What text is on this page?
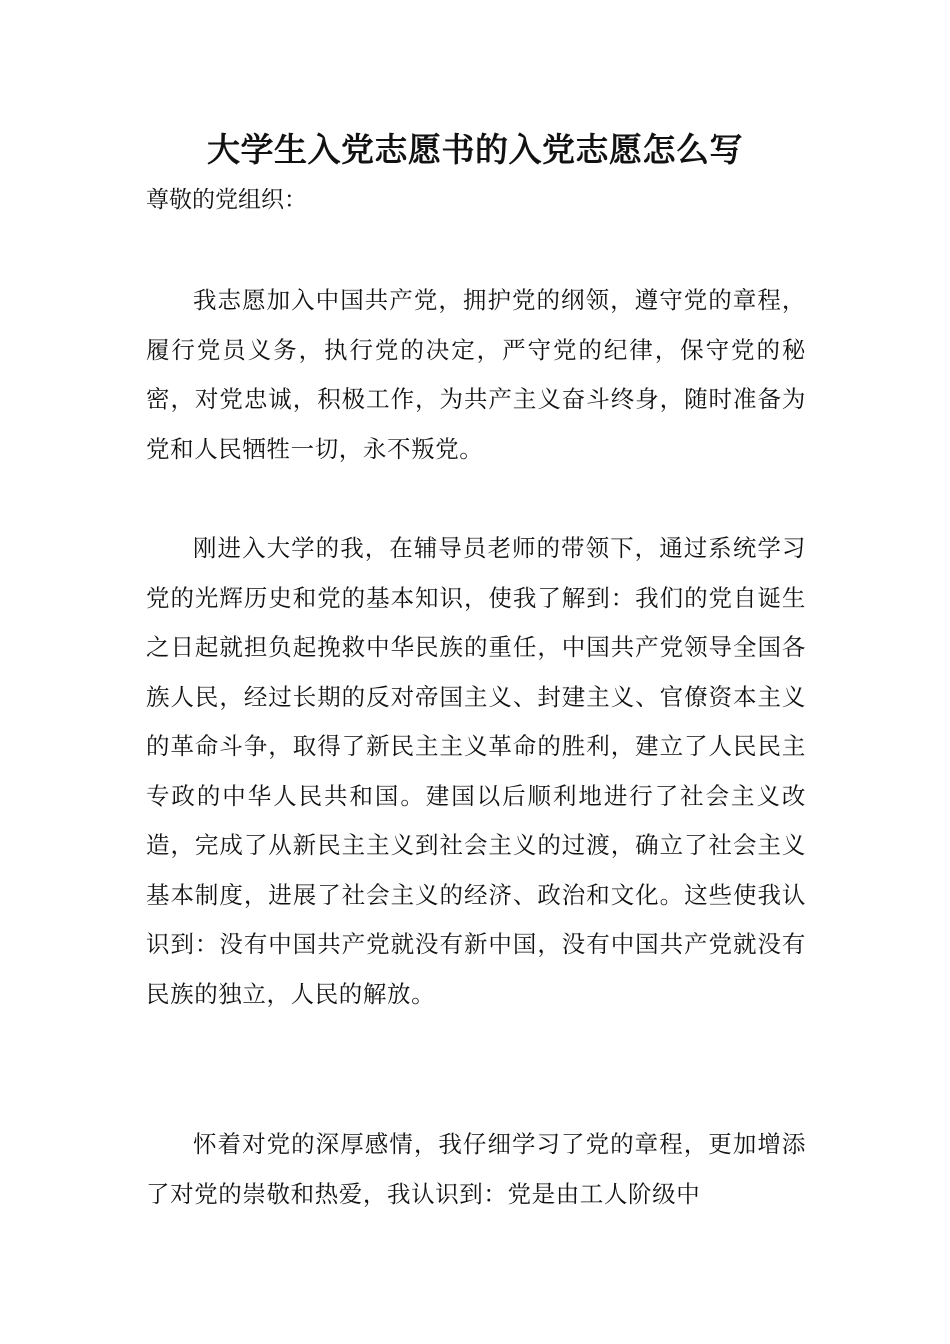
大学生入党志愿书的入党志愿怎么写

尊敬的党组织：

我志愿加入中国共产党，拥护党的纲领，遵守党的章程，履行党员义务，执行党的决定，严守党的纪律，保守党的秘密，对党忠诚，积极工作，为共产主义奋斗终身，随时准备为党和人民牺牲一切，永不叛党。

刚进入大学的我，在辅导员老师的带领下，通过系统学习党的光辉历史和党的基本知识，使我了解到：我们的党自诞生之日起就担负起挽救中华民族的重任，中国共产党领导全国各族人民，经过长期的反对帝国主义、封建主义、官僚资本主义的革命斗争，取得了新民主主义革命的胜利，建立了人民民主专政的中华人民共和国。建国以后顺利地进行了社会主义改造，完成了从新民主主义到社会主义的过渡，确立了社会主义基本制度，进展了社会主义的经济、政治和文化。这些使我认识到：没有中国共产党就没有新中国，没有中国共产党就没有民族的独立，人民的解放。

怀着对党的深厚感情，我仔细学习了党的章程，更加增添了对党的崇敬和热爱，我认识到：党是由工人阶级中
